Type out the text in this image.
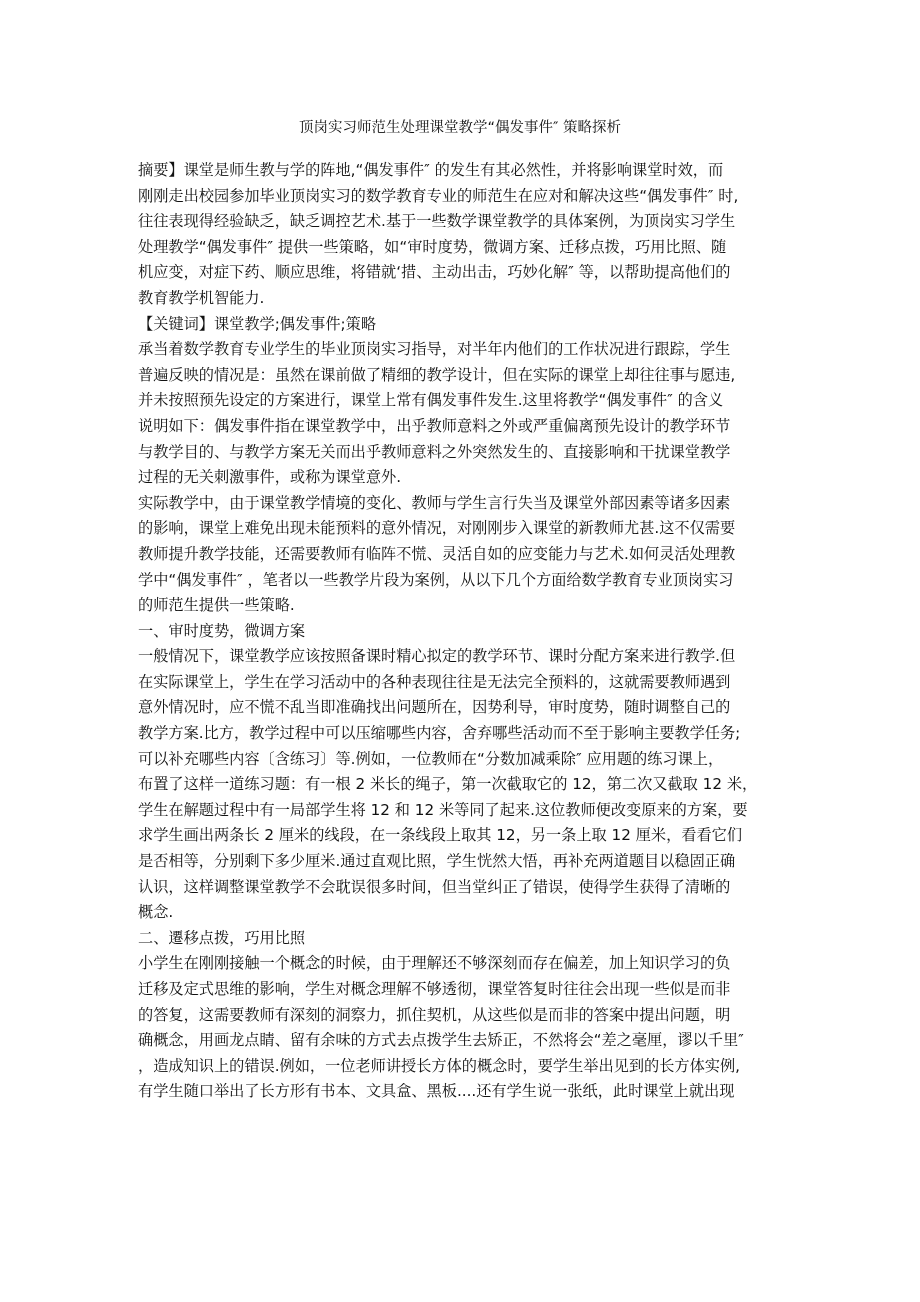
顶岗实习师范生处理课堂教学“偶发事件″ 策略探析
摘要】课堂是师生教与学的阵地,“偶发事件″ 的发生有其必然性，并将影响课堂时效，而
刚刚走出校园参加毕业顶岗实习的数学教育专业的师范生在应对和解决这些“偶发事件″ 时,
往往表现得经验缺乏，缺乏调控艺术.基于一些数学课堂教学的具体案例，为顶岗实习学生
处理教学“偶发事件″ 提供一些策略，如“审时度势，微调方案、迁移点拨，巧用比照、随
机应变，对症下药、顺应思维，将错就‘措、主动出击，巧妙化解″ 等，以帮助提高他们的
教育教学机智能力.
【关键词】课堂教学;偶发事件;策略
承当着数学教育专业学生的毕业顶岗实习指导，对半年内他们的工作状况进行跟踪，学生
普遍反映的情况是：虽然在课前做了精细的教学设计，但在实际的课堂上却往往事与愿违,
并未按照预先设定的方案进行，课堂上常有偶发事件发生.这里将教学“偶发事件″ 的含义
说明如下：偶发事件指在课堂教学中，出乎教师意料之外或严重偏离预先设计的教学环节
与教学目的、与教学方案无关而出乎教师意料之外突然发生的、直接影响和干扰课堂教学
过程的无关刺激事件，或称为课堂意外.
实际教学中，由于课堂教学情境的变化、教师与学生言行失当及课堂外部因素等诸多因素
的影响，课堂上难免出现未能预料的意外情况，对刚刚步入课堂的新教师尤甚.这不仅需要
教师提升教学技能，还需要教师有临阵不慌、灵活自如的应变能力与艺术.如何灵活处理教
学中“偶发事件″ ，笔者以一些教学片段为案例，从以下几个方面给数学教育专业顶岗实习
的师范生提供一些策略.
一、审时度势，微调方案
一般情况下，课堂教学应该按照备课时精心拟定的教学环节、课时分配方案来进行教学.但
在实际课堂上，学生在学习活动中的各种表现往往是无法完全预料的，这就需要教师遇到
意外情况时，应不慌不乱当即准确找出问题所在，因势利导，审时度势，随时调整自己的
教学方案.比方，教学过程中可以压缩哪些内容，舍弃哪些活动而不至于影响主要教学任务;
可以补充哪些内容〔含练习〕等.例如，一位教师在“分数加减乘除″ 应用题的练习课上，
布置了这样一道练习题：有一根 2 米长的绳子，第一次截取它的 12，第二次又截取 12 米，
学生在解题过程中有一局部学生将 12 和 12 米等同了起来.这位教师便改变原来的方案，要
求学生画出两条长 2 厘米的线段，在一条线段上取其 12，另一条上取 12 厘米，看看它们
是否相等，分别剩下多少厘米.通过直观比照，学生恍然大悟，再补充两道题目以稳固正确
认识，这样调整课堂教学不会耽误很多时间，但当堂纠正了错误，使得学生获得了清晰的
概念.
二、遷移点拨，巧用比照
小学生在刚刚接触一个概念的时候，由于理解还不够深刻而存在偏差，加上知识学习的负
迁移及定式思维的影响，学生对概念理解不够透彻，课堂答复时往往会出现一些似是而非
的答复，这需要教师有深刻的洞察力，抓住契机，从这些似是而非的答案中提出问题，明
确概念，用画龙点睛、留有余味的方式去点拨学生去矫正，不然将会“差之毫厘，谬以千里″
，造成知识上的错误.例如，一位老师讲授长方体的概念时，要学生举出见到的长方体实例,
有学生随口举出了长方形有书本、文具盒、黑板....还有学生说一张纸，此时课堂上就出现
